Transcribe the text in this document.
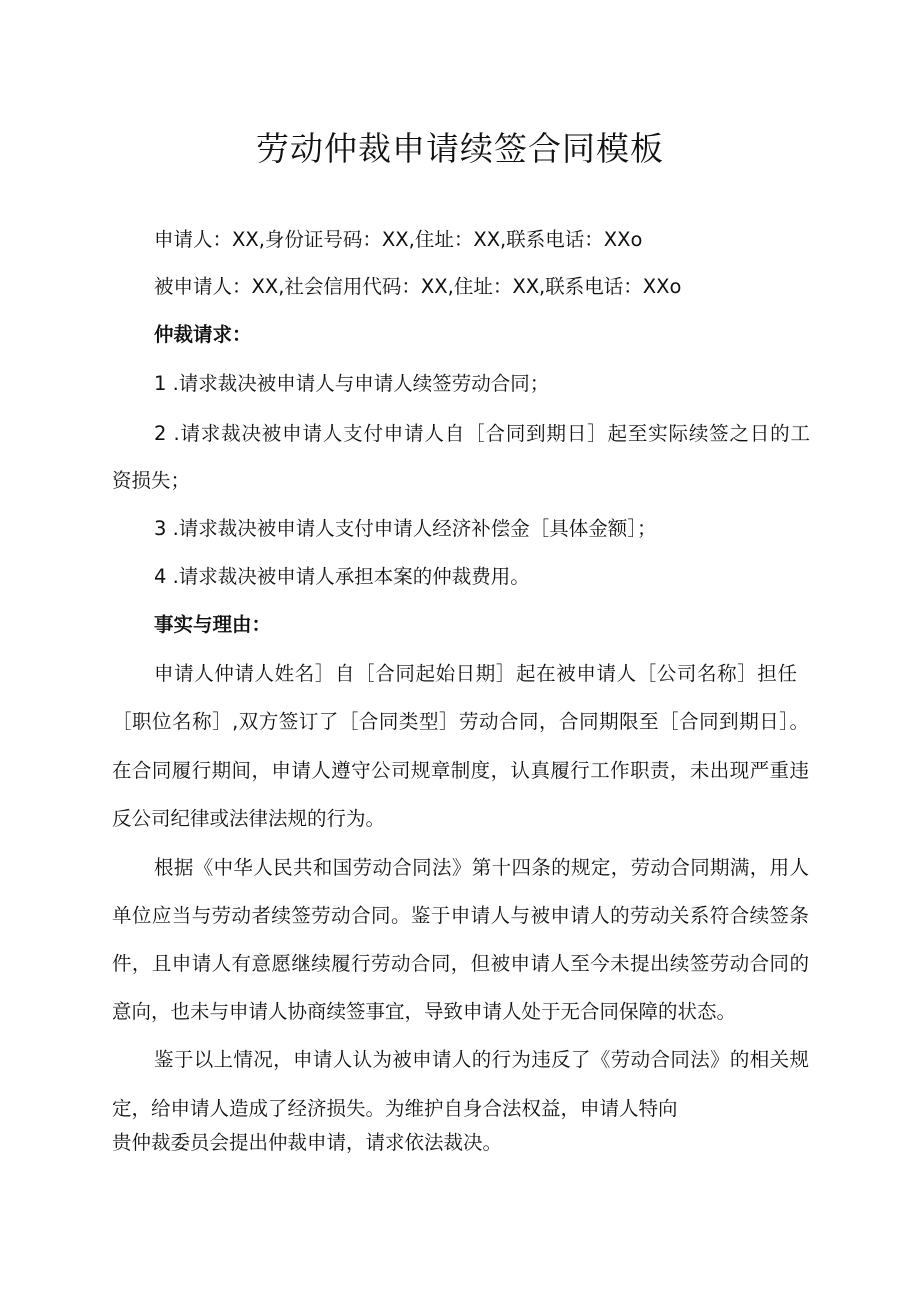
劳动仲裁申请续签合同模板
申请人：XX,身份证号码：XX,住址：XX,联系电话：XXo
被申请人：XX,社会信用代码：XX,住址：XX,联系电话：XXo
仲裁请求：
1 .请求裁决被申请人与申请人续签劳动合同；
2 .请求裁决被申请人支付申请人自［合同到期日］起至实际续签之日的工
资损失；
3 .请求裁决被申请人支付申请人经济补偿金［具体金额］；
4 .请求裁决被申请人承担本案的仲裁费用。
事实与理由：
申请人仲请人姓名］自［合同起始日期］起在被申请人［公司名称］担任
［职位名称］,双方签订了［合同类型］劳动合同，合同期限至［合同到期日］。
在合同履行期间，申请人遵守公司规章制度，认真履行工作职责，未出现严重违
反公司纪律或法律法规的行为。
根据《中华人民共和国劳动合同法》第十四条的规定，劳动合同期满，用人
单位应当与劳动者续签劳动合同。鉴于申请人与被申请人的劳动关系符合续签条
件，且申请人有意愿继续履行劳动合同，但被申请人至今未提出续签劳动合同的
意向，也未与申请人协商续签事宜，导致申请人处于无合同保障的状态。
鉴于以上情况，申请人认为被申请人的行为违反了《劳动合同法》的相关规
定，给申请人造成了经济损失。为维护自身合法权益，申请人特向
贵仲裁委员会提出仲裁申请，请求依法裁决。
